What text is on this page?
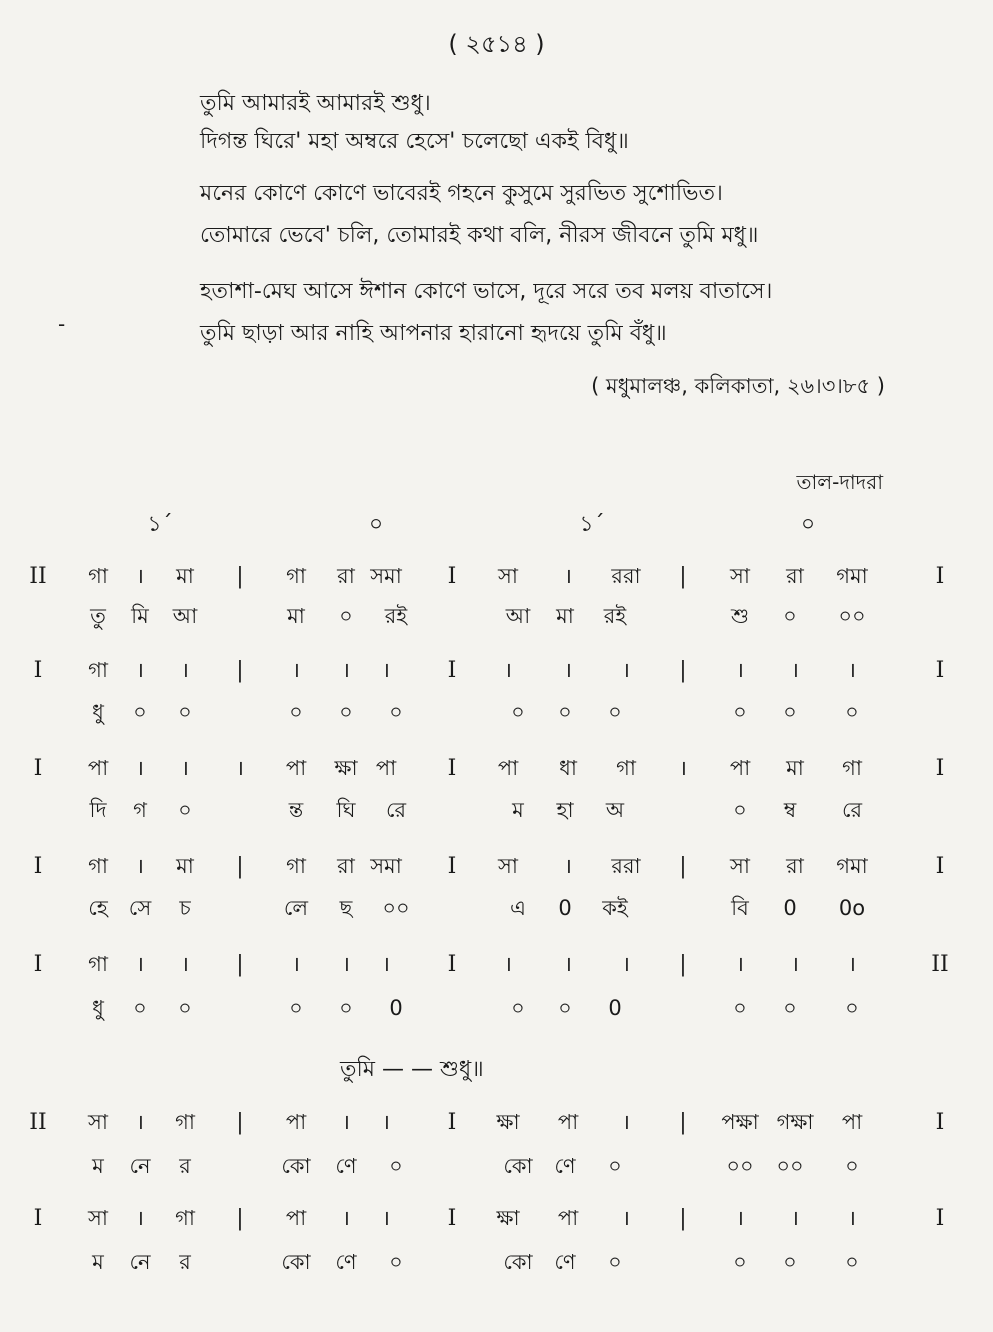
( ২৫১৪ )
তুমি আমারই আমারই শুধু।
দিগন্ত ঘিরে' মহা অম্বরে হেসে' চলেছো একই বিধু॥
মনের কোণে কোণে ভাবেরই গহনে কুসুমে সুরভিত সুশোভিত।
তোমারে ভেবে' চলি, তোমারই কথা বলি, নীরস জীবনে তুমি মধু॥
হতাশা-মেঘ আসে ঈশান কোণে ভাসে, দূরে সরে তব মলয় বাতাসে।
তুমি ছাড়া আর নাহি আপনার হারানো হৃদয়ে তুমি বঁধু॥
-
( মধুমালঞ্চ, কলিকাতা, ২৬।৩।৮৫ )
তাল-দাদরা
১´	০	১´	০
II গা । মা | গা রা সমা I সা । ররা | সা রা গমা	I
তু মি আ	মা ০ রই	আ মা রই	শু ০ ০০
I গা । । | । । ।	I । । । | । । ।	I
ধু ০ ০	০ ০ ০	০ ০ ০	০ ০ ০
I পা । । । পা ক্ষা পা I পা ধা গা । পা মা গা	I
দি গ ০	ন্ত ঘি রে	ম হা অ	০ ম্ব রে
I গা । মা | গা রা সমা I সা । ররা | সা রা গমা	I
হে সে চ	লে ছ ০০	এ 0 কই	বি 0 0o
I গা । । | । । ।	I । । । | । । ।	II
ধু ০ ০	০ ০ 0	০ ০ 0	০ ০ ০
II সা । গা | পা । ।	I ক্ষা পা । | পক্ষা গক্ষা পা	I
ম নে র	কো ণে ০	কো ণে ০	০০ ০০ ০
I সা । গা | পা । ।	I ক্ষা পা । | । । ।	I
ম নে র	কো ণে ০	কো ণে ০	০ ০ ০
তুমি — — শুধু॥
